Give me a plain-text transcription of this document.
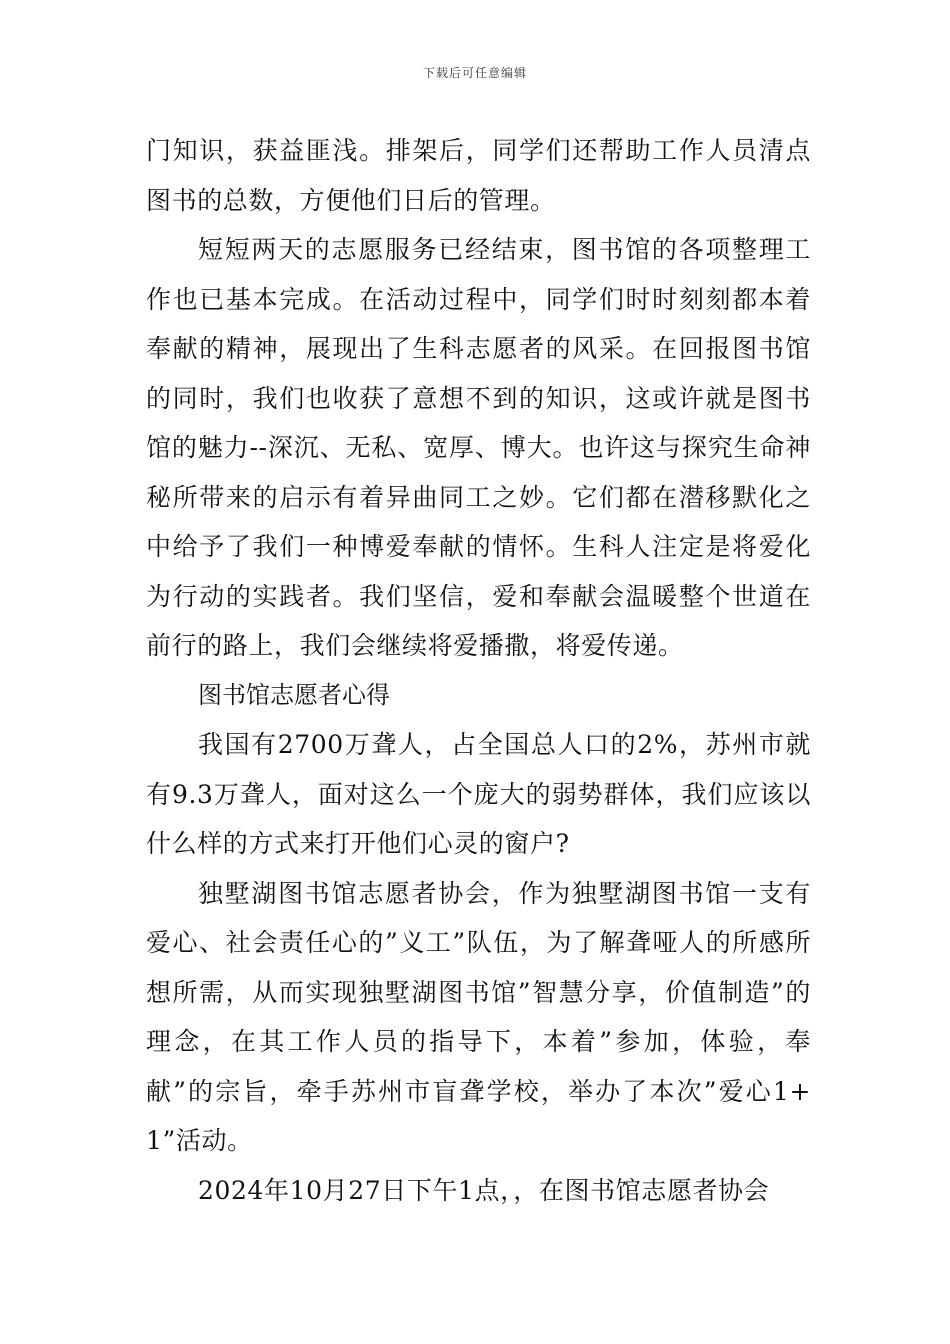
下载后可任意编辑

门知识，获益匪浅。排架后，同学们还帮助工作人员清点图书的总数，方便他们日后的管理。

短短两天的志愿服务已经结束，图书馆的各项整理工作也已基本完成。在活动过程中，同学们时时刻刻都本着奉献的精神，展现出了生科志愿者的风采。在回报图书馆的同时，我们也收获了意想不到的知识，这或许就是图书馆的魅力--深沉、无私、宽厚、博大。也许这与探究生命神秘所带来的启示有着异曲同工之妙。它们都在潜移默化之中给予了我们一种博爱奉献的情怀。生科人注定是将爱化为行动的实践者。我们坚信，爱和奉献会温暖整个世道在前行的路上，我们会继续将爱播撒，将爱传递。

图书馆志愿者心得

我国有2700万聋人，占全国总人口的2%，苏州市就有9.3万聋人，面对这么一个庞大的弱势群体，我们应该以什么样的方式来打开他们心灵的窗户?

独墅湖图书馆志愿者协会，作为独墅湖图书馆一支有爱心、社会责任心的”义工”队伍，为了解聋哑人的所感所想所需，从而实现独墅湖图书馆”智慧分享，价值制造”的理念，在其工作人员的指导下，本着”参加，体验，奉献”的宗旨，牵手苏州市盲聋学校，举办了本次”爱心1+1”活动。

2024年10月27日下午1点，，在图书馆志愿者协会
